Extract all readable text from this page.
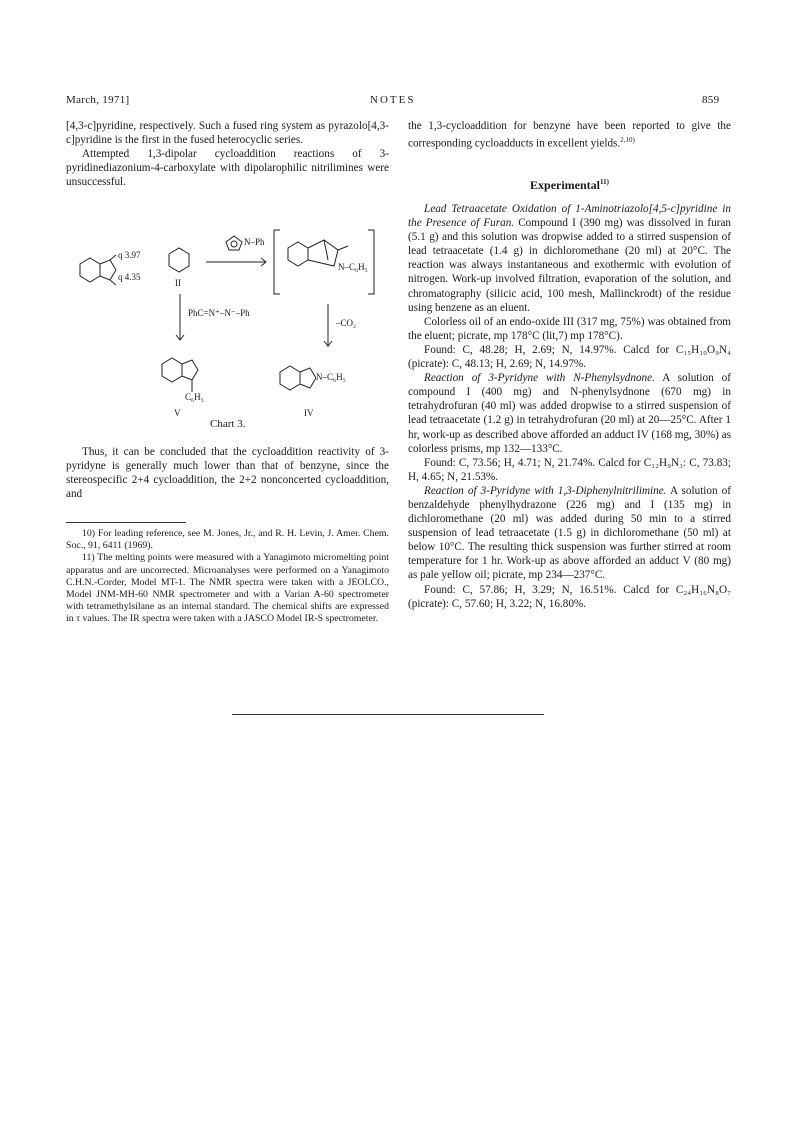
March, 1971]	NOTES	859

[4,3-c]pyridine, respectively. Such a fused ring system as pyrazolo[4,3-c]pyridine is the first in the fused heterocyclic series.

Attempted 1,3-dipolar cycloaddition reactions of 3-pyridinediazonium-4-carboxylate with dipolarophilic nitrilimines were unsuccessful.

q 3.97
q 4.35
II
N–Ph
PhC=N⁺–N⁻–Ph
–CO₂
N–C₆H₅
C₆H₅
N–C₆H₅
V	IV
Chart 3.

Thus, it can be concluded that the cycloaddition reactivity of 3-pyridyne is generally much lower than that of benzyne, since the stereospecific 2+4 cycloaddition, the 2+2 nonconcerted cycloaddition, and

10) For leading reference, see M. Jones, Jr., and R. H. Levin, J. Amer. Chem. Soc., 91, 6411 (1969).

11) The melting points were measured with a Yanagimoto micromelting point apparatus and are uncorrected. Microanalyses were performed on a Yanagimoto C.H.N.-Corder, Model MT-1. The NMR spectra were taken with a JEOLCO., Model JNM-MH-60 NMR spectrometer and with a Varian A-60 spectrometer with tetramethylsilane as an internal standard. The chemical shifts are expressed in τ values. The IR spectra were taken with a JASCO Model IR-S spectrometer.

the 1,3-cycloaddition for benzyne have been reported to give the corresponding cycloadducts in excellent yields.$^{2,10)}$

Experimental$^{11)}$

Lead Tetraacetate Oxidation of 1-Aminotriazolo[4,5-c]pyridine in the Presence of Furan. Compound I (390 mg) was dissolved in furan (5.1 g) and this solution was dropwise added to a stirred suspension of lead tetraacetate (1.4 g) in dichloromethane (20 ml) at 20°C. The reaction was always instantaneous and exothermic with evolution of nitrogen. Work-up involved filtration, evaporation of the solution, and chromatography (silicic acid, 100 mesh, Mallinckrodt) of the residue using benzene as an eluent.

Colorless oil of an endo-oxide III (317 mg, 75%) was obtained from the eluent; picrate, mp 178°C (lit,7) mp 178°C).

Found: C, 48.28; H, 2.69; N, 14.97%. Calcd for C₁₅H₁₀O₉N₄ (picrate): C, 48.13; H, 2.69; N, 14.97%.

Reaction of 3-Pyridyne with N-Phenylsydnone. A solution of compound I (400 mg) and N-phenylsydnone (670 mg) in tetrahydrofuran (40 ml) was added dropwise to a stirred suspension of lead tetraacetate (1.2 g) in tetrahydrofuran (20 ml) at 20—25°C. After 1 hr, work-up as described above afforded an adduct IV (168 mg, 30%) as colorless prisms, mp 132—133°C.

Found: C, 73.56; H, 4.71; N, 21.74%. Calcd for C₁₂H₉N₃: C, 73.83; H, 4.65; N, 21.53%.

Reaction of 3-Pyridyne with 1,3-Diphenylnitrilimine. A solution of benzaldehyde phenylhydrazone (226 mg) and I (135 mg) in dichloromethane (20 ml) was added during 50 min to a stirred suspension of lead tetraacetate (1.5 g) in dichloromethane (50 ml) at below 10°C. The resulting thick suspension was further stirred at room temperature for 1 hr. Work-up as above afforded an adduct V (80 mg) as pale yellow oil; picrate, mp 234—237°C.

Found: C, 57.86; H, 3.29; N, 16.51%. Calcd for C₂₄H₁₆N₈O₇ (picrate): C, 57.60; H, 3.22; N, 16.80%.
